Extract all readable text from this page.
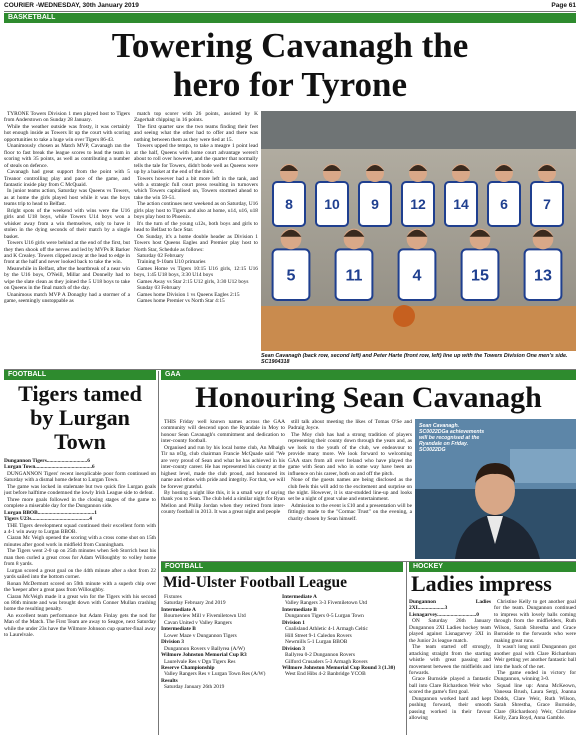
COURIER -WEDNESDAY, 30th January 2019	Page 61
BASKETBALL
Towering Cavanagh the
hero for Tyrone

TYRONE Towers Division 1 men played host to Tigers from Anderstown on Sunday 28 January.

While the weather outside was frosty, it was certainly hot enough inside as Towers lit up the court with scoring opportunities to take a huge win over Tigers 86-43.

Unanimously chosen as Match MVP, Cavanagh ran the floor to fast break the league scores to lead the team in scoring with 35 points, as well as contributing a number of steals on defence.

Cavanagh had great support from the point with 5 Treanor controlling play and pace of the game, and fantastic inside play from C McQuaid.

In junior teams action, Saturday was Queens vs Towers, as at home the girls played host while it was the boys teams trip to head to Belfast.

Bright spots of the weekend with wins were the U16 girls and U18 boys, while Towers U14 boys won a whisker away from a win themselves, only to have it stolen in the dying seconds of their match by a single basket.

Towers U16 girls were behind at the end of the first, but they then shook off the nerves and led by MVPs R Barker and K Crealey. Towers clipped away at the lead to edge in front at the half and never looked back to take the win.

Meanwhile in Belfast, after the heartbreak of a near win by the U16 boys, O'Neill, Millar and Donnelly had to wipe the slate clean as they joined the 5 U18 boys to take on Queens in the final match of the day.

Unanimous match MVP A Donaghy had a stormer of a game, seemingly unstoppable as

match top scorer with 26 points, assisted by K Zagerhalt chipping in 16 points.

The first quarter saw the two teams finding their feet and seeing what the other had to offer and there was nothing between them as they were tied at 15.

Towers upped the tempo, to take a meagre 1 point lead at the half, Queens with home court advantage weren't about to roll over however, and the quarter that normally tells the tale for Towers, didn't bode well as Queens were up by a basket at the end of the third.

Towers however had a bit more left in the tank, and with a strategic full court press resulting in turnovers which Towers capitalised on, Towers stormed ahead to take the win 59-51.

The action continues next weekend as on Saturday, U16 girls play host to Tigers and also at home, u14, u16, u18 boys play host to Phoenix.

It's the turn of the young u12s, both boys and girls to head to Belfast to face Star.

On Sunday, it's a home double header as Division 1 Towers host Queens Eagles and Premier play host to North Star, Schedule as follows:

Saturday 02 February

Training 9-10am U10 primaries

Games Home vs Tigers 10:15 U16 girls, 12:15 U16 boys, 1:45 U18 boys, 3:30 U14 boys

Games Away vs Star 2:15 U12 girls, 3:30 U12 boys

Sunday 03 February

Games home Division 1 vs Queens Eagles 2:15

Games home Premier vs North Star 4:15

8 10 9 12 14 6	7
5	11	4	15	13
Sean Cavanagh (back row, second left) and Peter Harte (front row, left) line up with the Towers Division One men's side. SC1904318
FOOTBALL
Tigers tamed
by Lurgan
Town

Dungannon Tigers..............................6

Lurgan Town..........................................6

DUNGANNON Tigers' recent inexplicable poor form continued on Saturday with a dismal home defeat to Lurgan Town.

The game was locked in stalemate but two quick fire Lurgan goals just before halftime condemned the lowly Irish League side to defeat.

Three more goals followed in the closing stages of the game to complete a miserable day for the Dungannon side.

Lurgan BBOB..........................................1

Tigers U23s...........................................4

THE Tigers development squad continued their excellent form with a 4-1 win away to Lurgan BBOB.

Ciaran Mc Veigh opened the scoring with a cross come shot on 15th minutes after good work in midfield from Cunningham.

The Tigers went 2-0 up on 25th minutes when Seb Storrich beat his man then curled a great cross for Adam Willoughby to volley home from 8 yards.

Lurgan scored a great goal on the 44th minute after a shot from 22 yards sailed into the bottom corner.

Ronan McDermott scored on 59th minute with a superb chip over the 'keeper after a great pass from Willoughby.

Ciaran McVeigh made it a great win for the Tigers with his second on 86th minute and was brought down with Conner Mullan crashing home the resulting penalty.

An excellent team performance but Adam Finlay gets the nod for Man of the Match. The First Team are away to Seagoe, next Saturday while the under 23s have the Wilmore Johnson cup quarter-final away to Laurelvale.

GAA
Honouring Sean Cavanagh

THIS Friday well known names across the GAA community will descend upon the Ryandale in Moy to honour Sean Cavanagh's commitment and dedication to inter-county football.

Organised and run by his local home club, An Mhaigh Tir na nOg, club chairman Francie McQuade said "We are very proud of Sean and what he has achieved in his inter-county career. He has represented his county at the highest level, made the club proud, and honoured its name and ethos with pride and integrity. For that, we will be forever grateful.

By hosting a night like this, it is a small way of saying thank you to Sean. The club held a similar night for Ryan Mellon and Philip Jordan when they retired from inter-county football in 2013. It was a great night and people

still talk about meeting the likes of Tomas O'Se and Padraig Joyce.

The Moy club has had a strong tradition of players representing their county down through the years and, as we look to the youth of the club, we endeavour to provide many more. We look forward to welcoming GAA stars from all over Ireland who have played the game with Sean and who in some way have been an influence on his career, both on and off the pitch.

None of the guests names are being disclosed as the club feels this will add to the excitement and surprise on the night. However, it is star-studded line-up and looks set be a night of great value and entertainment.

Admission to the event is £10 and a presentation will be fittingly made to the "Cormac Trust" on the evening, a charity chosen by Sean himself.

Sean Cavanagh. SC0022DGa achievements will be recognised at the Ryandale on Friday. SC0022DG
FOOTBALL
Mid-Ulster Football League

Fixtures

Saturday February 2nd 2019

Intermediate A

Bourneview Mill v Fivemiletown Utd

Cavan United v Valley Rangers

Intermediate B

Lower Maze v Dungannon Tigers

Division 3

Dungannon Rovers v Ballyrea (A/W)

Wilmore Johnston Memorial Cup R3

Laurelvale Res v Dgn Tigers Res

Reserve Championship

Valley Rangers Res v Lurgan Town Res (A/W)

Results

Saturday January 26th 2019

Intermediate A

Valley Rangers 3-3 Fivemiletown Utd

Intermediate B

Dungannon Tigers 0-5 Lurgan Town

Division 1

Coalisland Athletic 4-1 Armagh Celtic

Hill Street 9-1 Caledon Rovers

Newmills 5-1 Lurgan BBOB

Division 3

Ballyrea 0-2 Dungannon Rovers

Gilford Crusaders 5-3 Armagh Rovers

Wilmore Johnston Memorial Cup Round 3 (1.30)

West End Hibs 4-2 Banbridge YCOB

HOCKEY
Ladies impress

Dungannon Ladies 2XI....................3

Lisnagarvey.............................0

ON Saturday 26th January Dungannon 2XI Ladies hockey team played against Lisnagarvey 3XI in the Junior 2s league match.

The team started off strongly, attacking straight from the starting whistle with great passing and movement between the midfields and forwards.

Grace Burnside played a fantastic ball into Clare Richardson Weir who scored the game's first goal.

Dungannon worked hard and kept pushing forward, their smooth passing worked in their favour allowing

Christine Kelly to get another goal for the team. Dungannon continued to impress with lovely balls coming through from the midfielders, Ruth Wilson, Sarah Shrestha and Grace Burnside to the forwards who were making great runs.

It wasn't long until Dungannon got another goal with Clare Richardson Weir getting yet another fantastic ball into the back of the net.

The game ended in victory for Dungannon, winning 3-0.

Squad line up: Anna McKeown, Vanessa Brush, Laura Sergi, Joanna Dodds, Clare Weir, Ruth Wilson, Sarah Shrestha, Grace Burnside, Clare (Richardson) Weir, Christine Kelly, Zara Boyd, Anna Gamble.
